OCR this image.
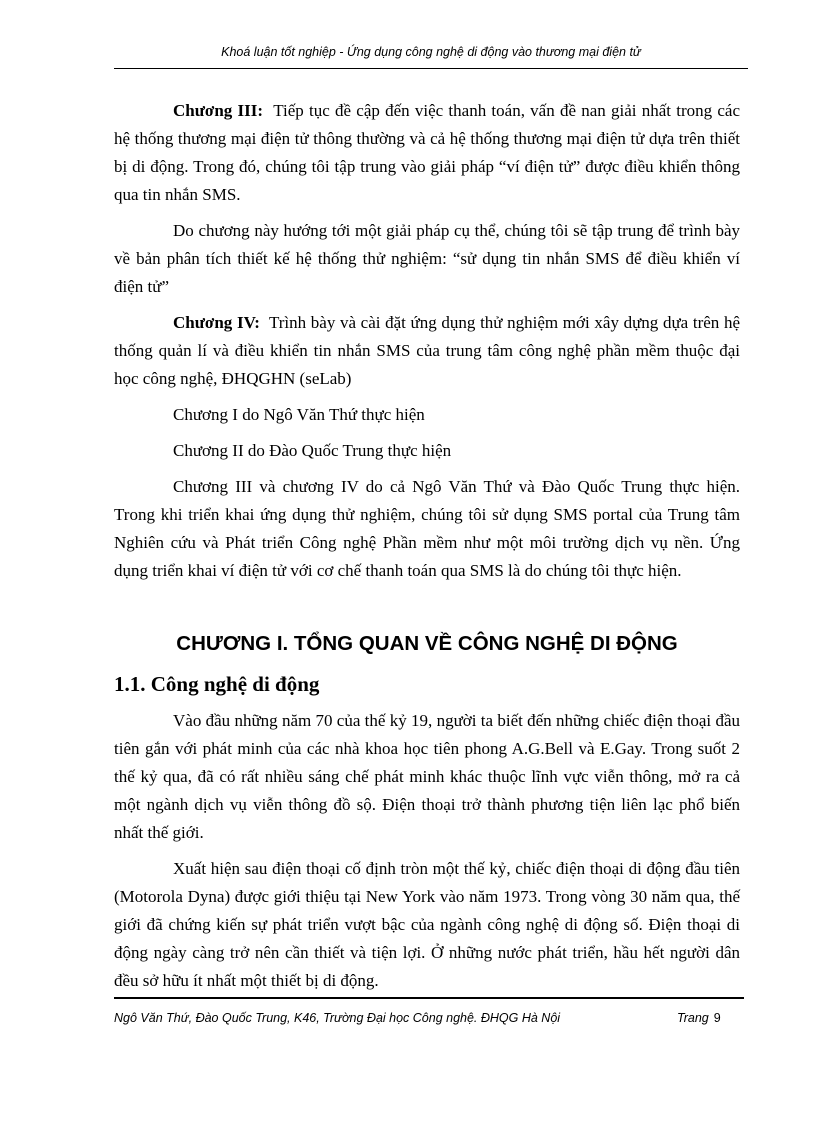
Khoá luận tốt nghiệp - Ứng dụng công nghệ di động vào thương mại điện tử

Chương III: Tiếp tục đề cập đến việc thanh toán, vấn đề nan giải nhất trong các hệ thống thương mại điện tử thông thường và cả hệ thống thương mại điện tử dựa trên thiết bị di động. Trong đó, chúng tôi tập trung vào giải pháp “ví điện tử” được điều khiển thông qua tin nhắn SMS.

Do chương này hướng tới một giải pháp cụ thể, chúng tôi sẽ tập trung để trình bày về bản phân tích thiết kế hệ thống thử nghiệm: “sử dụng tin nhắn SMS để điều khiển ví điện tử”

Chương IV: Trình bày và cài đặt ứng dụng thử nghiệm mới xây dựng dựa trên hệ thống quản lí và điều khiển tin nhắn SMS của trung tâm công nghệ phần mềm thuộc đại học công nghệ, ĐHQGHN (seLab)

Chương I do Ngô Văn Thứ thực hiện

Chương II do Đào Quốc Trung thực hiện

Chương III và chương IV do cả Ngô Văn Thứ và Đào Quốc Trung thực hiện. Trong khi triển khai ứng dụng thử nghiệm, chúng tôi sử dụng SMS portal của Trung tâm Nghiên cứu và Phát triển Công nghệ Phần mềm như một môi trường dịch vụ nền. Ứng dụng triển khai ví điện tử với cơ chế thanh toán qua SMS là do chúng tôi thực hiện.

CHƯƠNG I. TỔNG QUAN VỀ CÔNG NGHỆ DI ĐỘNG
1.1. Công nghệ di động

Vào đầu những năm 70 của thế kỷ 19, người ta biết đến những chiếc điện thoại đầu tiên gắn với phát minh của các nhà khoa học tiên phong A.G.Bell và E.Gay. Trong suốt 2 thế kỷ qua, đã có rất nhiều sáng chế phát minh khác thuộc lĩnh vực viễn thông, mở ra cả một ngành dịch vụ viễn thông đồ sộ. Điện thoại trở thành phương tiện liên lạc phổ biến nhất thế giới.

Xuất hiện sau điện thoại cố định tròn một thế kỷ, chiếc điện thoại di động đầu tiên (Motorola Dyna) được giới thiệu tại New York vào năm 1973. Trong vòng 30 năm qua, thế giới đã chứng kiến sự phát triển vượt bậc của ngành công nghệ di động số. Điện thoại di động ngày càng trở nên cần thiết và tiện lợi. Ở những nước phát triển, hầu hết người dân đều sở hữu ít nhất một thiết bị di động.

Ngô Văn Thứ, Đào Quốc Trung, K46, Trường Đại học Công nghệ. ĐHQG Hà Nội	Trang 9
